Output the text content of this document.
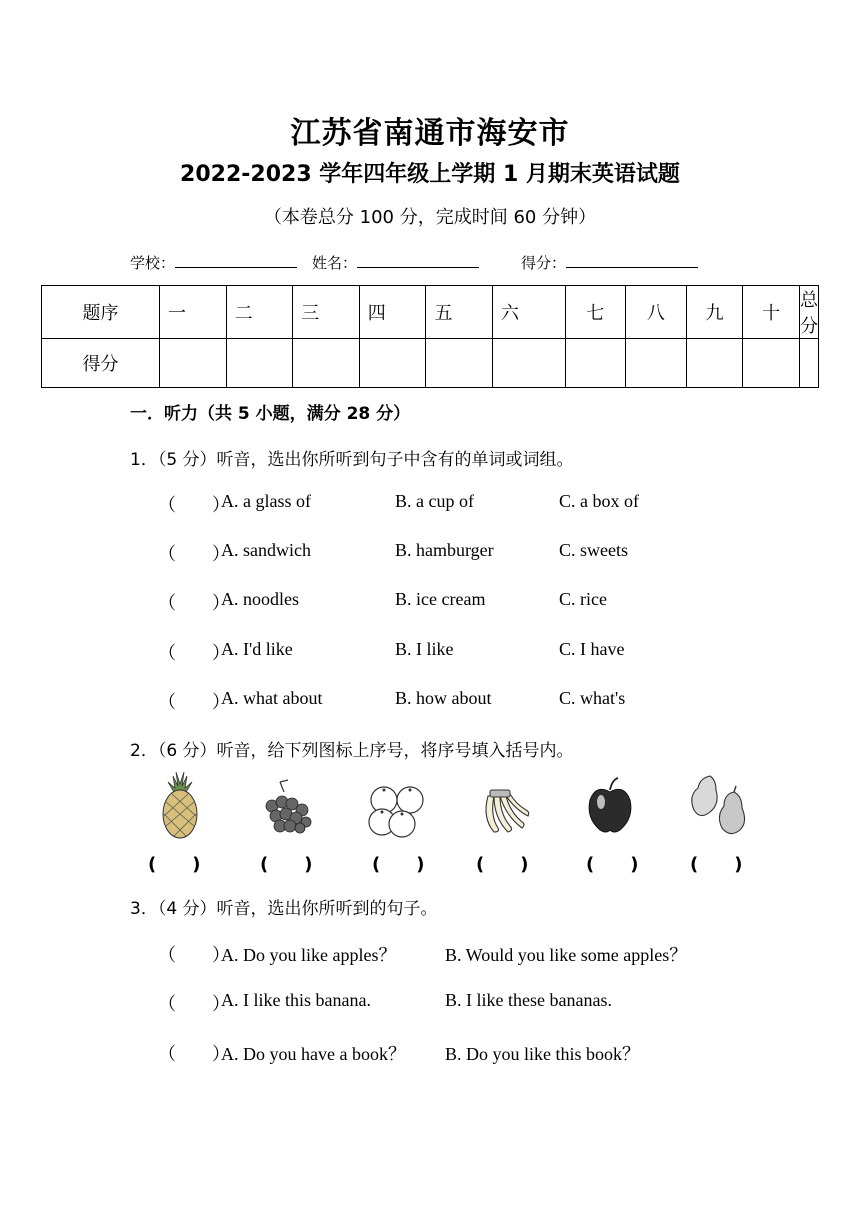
江苏省南通市海安市
2022-2023 学年四年级上学期 1 月期末英语试题
（本卷总分 100 分，完成时间 60 分钟）
学校：	姓名：	得分：
题序	一	二	三	四	五	六	七	八	九	十	总分
得分											
一．听力（共 5 小题，满分 28 分）
1．（5 分）听音，选出你所听到句子中含有的单词或词组。
（　　）
A. a glass of	B. a cup of	C. a box of
（　　）
A. sandwich	B. hamburger	C. sweets
（　　）
A. noodles	B. ice cream	C. rice
（　　）
A. I'd like	B. I like	C. I have
（　　）
A. what about	B. how about	C. what's
2．（6 分）听音，给下列图标上序号，将序号填入括号内。
(　　)	(　　)	(　　)	(　　)	(　　)	(　　)
3．（4 分）听音，选出你所听到的句子。
（　　）
A. Do you like apples？	B. Would you like some apples？
（　　）
A. I like this banana.	B. I like these bananas.
（　　）
A. Do you have a book？ B. Do you like this book？
